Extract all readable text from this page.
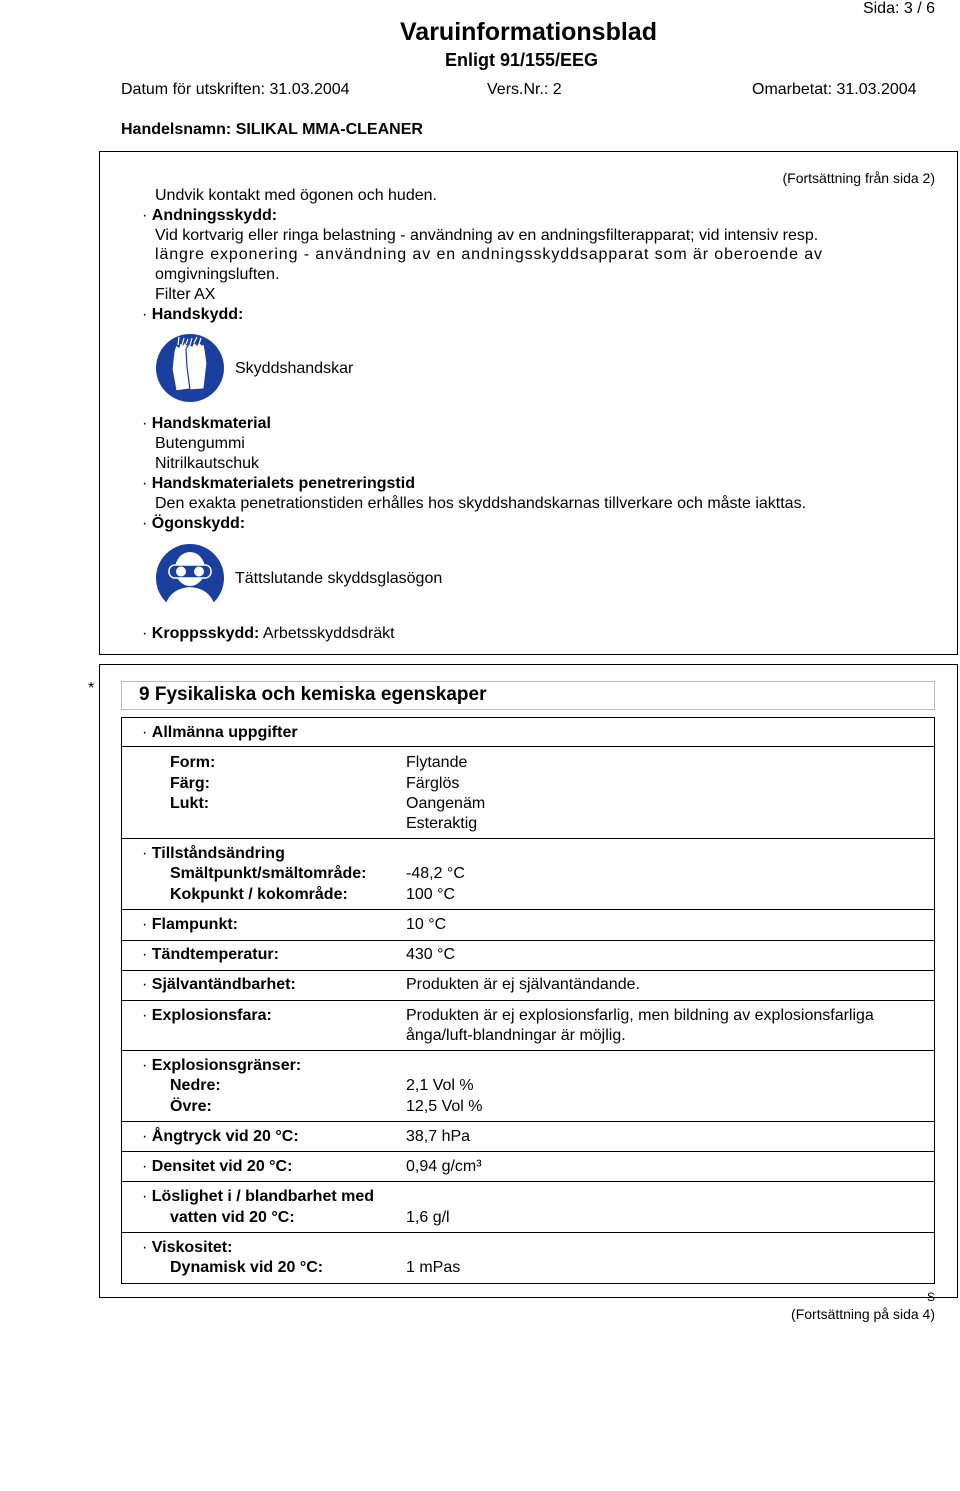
Sida: 3 / 6
Varuinformationsblad
Enligt 91/155/EEG
Datum för utskriften: 31.03.2004	Vers.Nr.: 2	Omarbetat: 31.03.2004
Handelsnamn: SILIKAL MMA-CLEANER
(Fortsättning från sida 2)
Undvik kontakt med ögonen och huden.
· Andningsskydd:
Vid kortvarig eller ringa belastning - användning av en andningsfilterapparat; vid intensiv resp.
längre exponering - användning av en andningsskyddsapparat som är oberoende av
omgivningsluften.
Filter AX
· Handskydd:
Skyddshandskar
· Handskmaterial
Butengummi
Nitrilkautschuk
· Handskmaterialets penetreringstid
Den exakta penetrationstiden erhålles hos skyddshandskarnas tillverkare och måste iakttas.
· Ögonskydd:
Tättslutande skyddsglasögon
· Kroppsskydd: Arbetsskyddsdräkt
* 9 Fysikaliska och kemiska egenskaper
· Allmänna uppgifter
Form:	Flytande
Färg:	Färglös
Lukt:	Oangenäm
Esteraktig
· Tillståndsändring
Smältpunkt/smältområde: -48,2 °C
Kokpunkt / kokområde:	100 °C
· Flampunkt:	10 °C
· Tändtemperatur:	430 °C
· Självantändbarhet:	Produkten är ej självantändande.
· Explosionsfara:	Produkten är ej explosionsfarlig, men bildning av explosionsfarliga
ånga/luft-blandningar är möjlig.
· Explosionsgränser:
Nedre:	2,1 Vol %
Övre:	12,5 Vol %
· Ångtryck vid 20 °C:	38,7 hPa
· Densitet vid 20 °C:	0,94 g/cm³
· Löslighet i / blandbarhet med
vatten vid 20 °C:	1,6 g/l
· Viskositet:
Dynamisk vid 20 °C:	1 mPas
S
(Fortsättning på sida 4)
